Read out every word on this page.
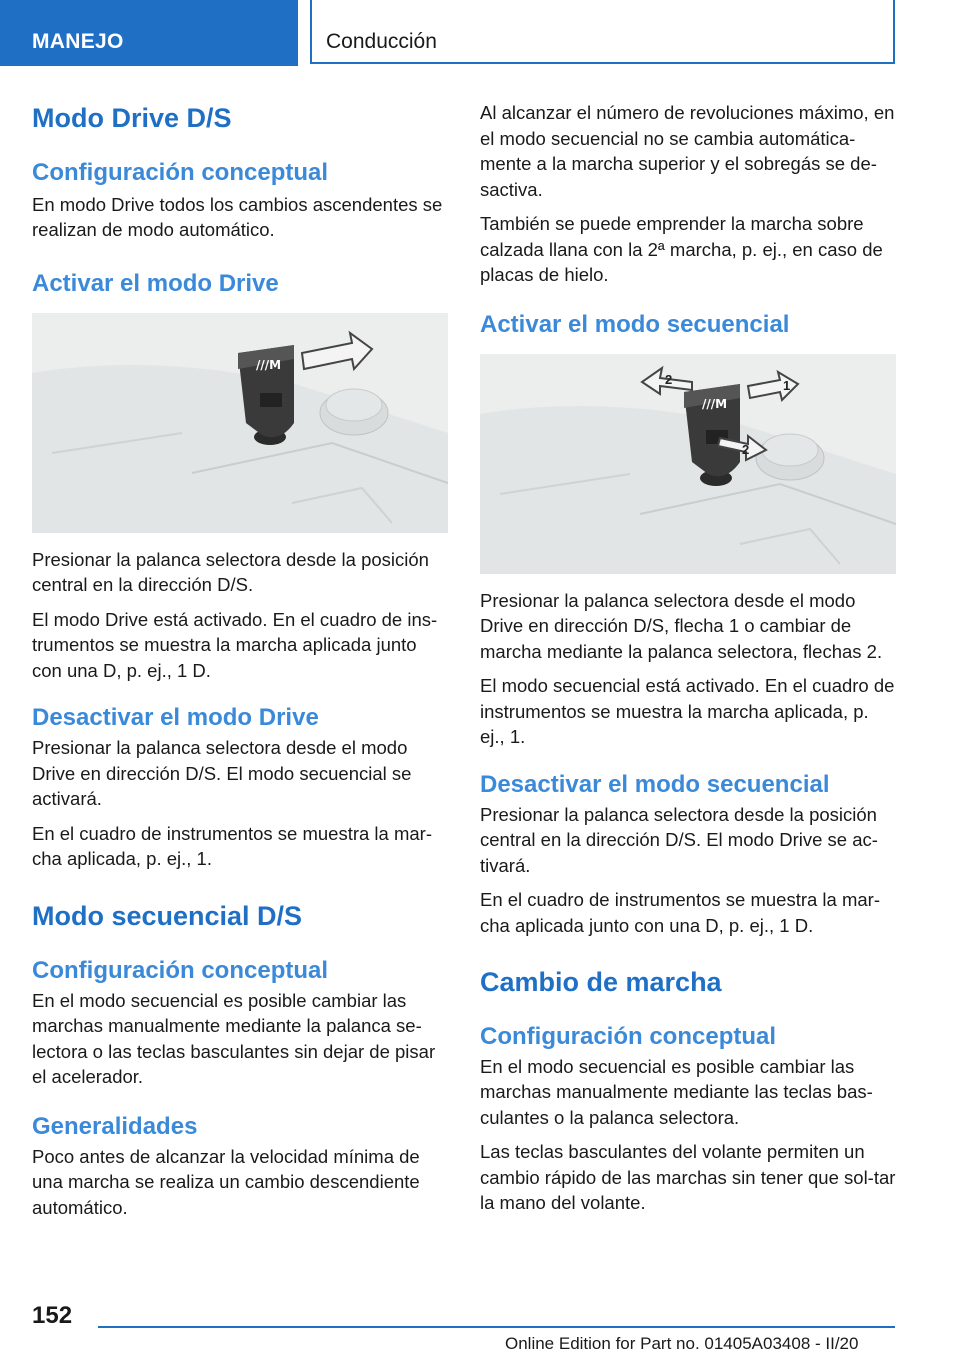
MANEJO	Conducción
Modo Drive D/S
Configuración conceptual

En modo Drive todos los cambios ascendentes se realizan de modo automático.

Activar el modo Drive
///M

Presionar la palanca selectora desde la posición central en la dirección D/S.

El modo Drive está activado. En el cuadro de ins-trumentos se muestra la marcha aplicada junto con una D, p. ej., 1 D.

Desactivar el modo Drive

Presionar la palanca selectora desde el modo Drive en dirección D/S. El modo secuencial se activará.

En el cuadro de instrumentos se muestra la mar-cha aplicada, p. ej., 1.

Modo secuencial D/S
Configuración conceptual

En el modo secuencial es posible cambiar las marchas manualmente mediante la palanca se-lectora o las teclas basculantes sin dejar de pisar el acelerador.

Generalidades

Poco antes de alcanzar la velocidad mínima de una marcha se realiza un cambio descendiente automático.

Al alcanzar el número de revoluciones máximo, en el modo secuencial no se cambia automática-mente a la marcha superior y el sobregás se de-sactiva.

También se puede emprender la marcha sobre calzada llana con la 2ª marcha, p. ej., en caso de placas de hielo.

Activar el modo secuencial
///M
1
2
2

Presionar la palanca selectora desde el modo Drive en dirección D/S, flecha 1 o cambiar de marcha mediante la palanca selectora, flechas 2.

El modo secuencial está activado. En el cuadro de instrumentos se muestra la marcha aplicada, p. ej., 1.

Desactivar el modo secuencial

Presionar la palanca selectora desde la posición central en la dirección D/S. El modo Drive se ac-tivará.

En el cuadro de instrumentos se muestra la mar-cha aplicada junto con una D, p. ej., 1 D.

Cambio de marcha
Configuración conceptual

En el modo secuencial es posible cambiar las marchas manualmente mediante las teclas bas-culantes o la palanca selectora.

Las teclas basculantes del volante permiten un cambio rápido de las marchas sin tener que sol-tar la mano del volante.

152
Online Edition for Part no. 01405A03408 - II/20
